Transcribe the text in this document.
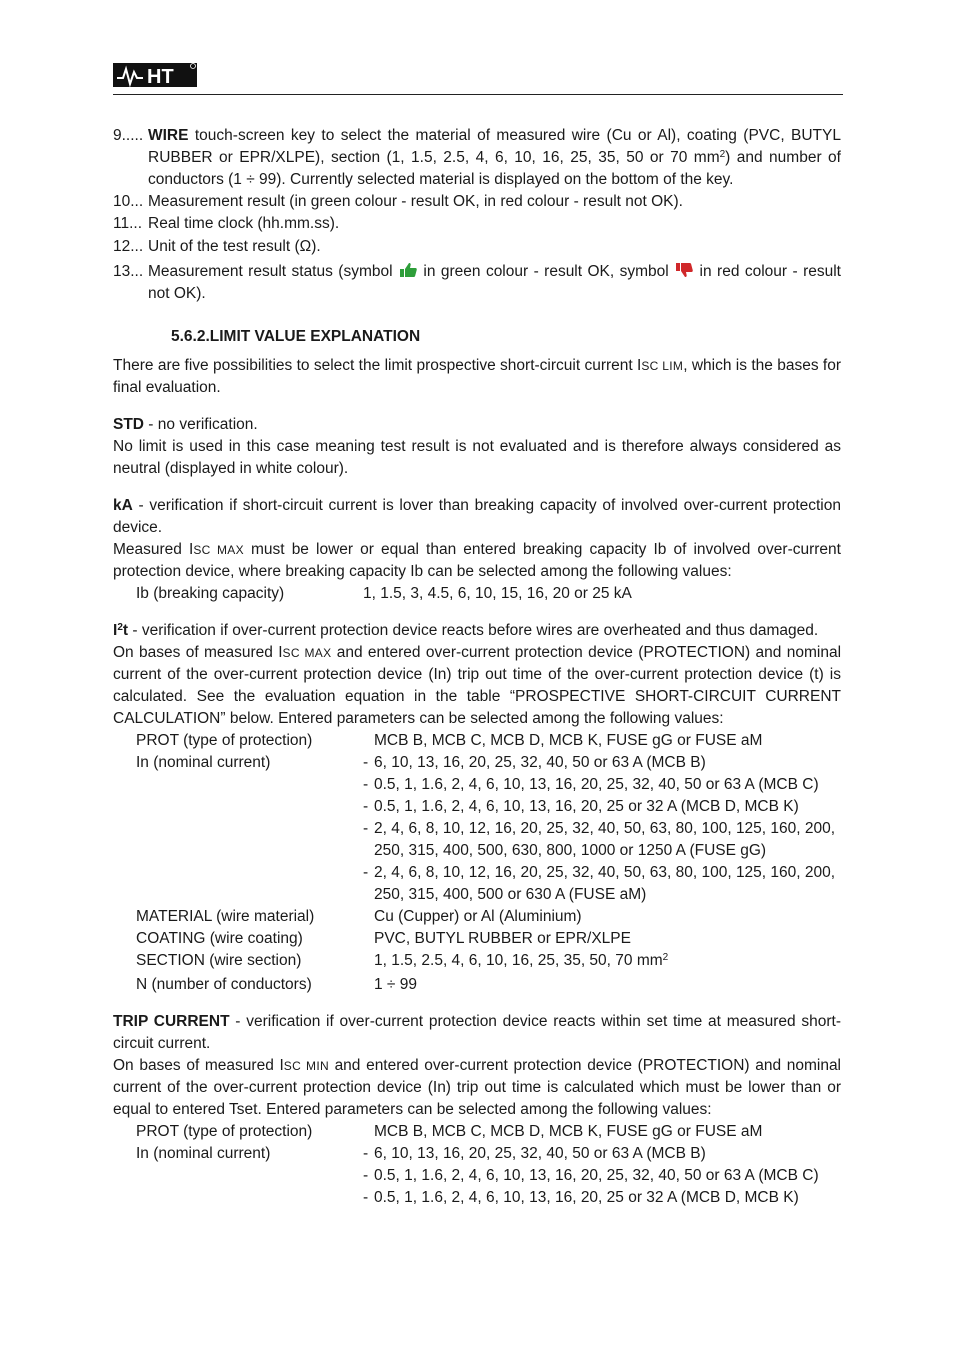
HT
9..... WIRE touch-screen key to select the material of measured wire (Cu or Al), coating (PVC, BUTYL RUBBER or EPR/XLPE), section (1, 1.5, 2.5, 4, 6, 10, 16, 25, 35, 50 or 70 $mm^2$) and number of conductors (1 ÷ 99). Currently selected material is displayed on the bottom of the key.
10... Measurement result (in green colour - result OK, in red colour - result not OK).
11... Real time clock (hh.mm.ss).
12... Unit of the test result (Ω).
13... Measurement result status (symbol  in green colour - result OK, symbol  in red colour - result not OK).
5.6.2.LIMIT VALUE EXPLANATION

There are five possibilities to select the limit prospective short-circuit current ISC LIM, which is the bases for final evaluation.

STD - no verification.

No limit is used in this case meaning test result is not evaluated and is therefore always considered as neutral (displayed in white colour).

kA - verification if short-circuit current is lover than breaking capacity of involved over-current protection device.

Measured ISC MAX must be lower or equal than entered breaking capacity Ib of involved over-current protection device, where breaking capacity Ib can be selected among the following values:

Ib (breaking capacity)	1, 1.5, 3, 4.5, 6, 10, 15, 16, 20 or 25 kA

$I^2t$ - verification if over-current protection device reacts before wires are overheated and thus damaged.

On bases of measured ISC MAX and entered over-current protection device (PROTECTION) and nominal current of the over-current protection device (In) trip out time of the over-current protection device (t) is calculated. See the evaluation equation in the table “PROSPECTIVE SHORT-CIRCUIT CURRENT CALCULATION” below. Entered parameters can be selected among the following values:

PROT (type of protection)	MCB B, MCB C, MCB D, MCB K, FUSE gG or FUSE aM
In (nominal current)	- 6, 10, 13, 16, 20, 25, 32, 40, 50 or 63 A (MCB B)
- 0.5, 1, 1.6, 2, 4, 6, 10, 13, 16, 20, 25, 32, 40, 50 or 63 A (MCB C)
- 0.5, 1, 1.6, 2, 4, 6, 10, 13, 16, 20, 25 or 32 A (MCB D, MCB K)
- 2, 4, 6, 8, 10, 12, 16, 20, 25, 32, 40, 50, 63, 80, 100, 125, 160, 200, 250, 315, 400, 500, 630, 800, 1000 or 1250 A (FUSE gG)
- 2, 4, 6, 8, 10, 12, 16, 20, 25, 32, 40, 50, 63, 80, 100, 125, 160, 200, 250, 315, 400, 500 or 630 A (FUSE aM)
MATERIAL (wire material)	Cu (Cupper) or Al (Aluminium)
COATING (wire coating)	PVC, BUTYL RUBBER or EPR/XLPE
SECTION (wire section)	1, 1.5, 2.5, 4, 6, 10, 16, 25, 35, 50, 70 $mm^2$
N (number of conductors)	1 ÷ 99

TRIP CURRENT - verification if over-current protection device reacts within set time at measured short-circuit current.

On bases of measured ISC MIN and entered over-current protection device (PROTECTION) and nominal current of the over-current protection device (In) trip out time is calculated which must be lower than or equal to entered Tset. Entered parameters can be selected among the following values:

PROT (type of protection)	MCB B, MCB C, MCB D, MCB K, FUSE gG or FUSE aM
In (nominal current)	- 6, 10, 13, 16, 20, 25, 32, 40, 50 or 63 A (MCB B)
- 0.5, 1, 1.6, 2, 4, 6, 10, 13, 16, 20, 25, 32, 40, 50 or 63 A (MCB C)
- 0.5, 1, 1.6, 2, 4, 6, 10, 13, 16, 20, 25 or 32 A (MCB D, MCB K)
